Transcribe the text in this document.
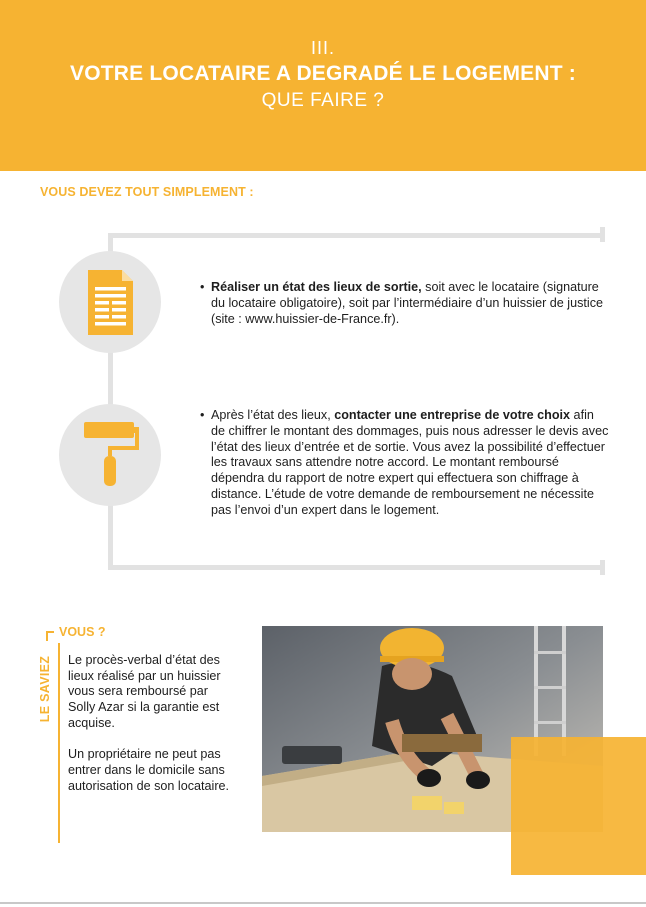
III.
VOTRE LOCATAIRE A DEGRADÉ LE LOGEMENT :
QUE FAIRE ?
VOUS DEVEZ TOUT SIMPLEMENT :
• Réaliser un état des lieux de sortie, soit avec le locataire (signature du locataire obligatoire), soit par l’intermédiaire d’un huissier de justice (site : www.huissier-de-France.fr).
• Après l’état des lieux, contacter une entreprise de votre choix afin de chiffrer le montant des dommages, puis nous adresser le devis avec l’état des lieux d’entrée et de sortie. Vous avez la possibilité d’effectuer les travaux sans attendre notre accord. Le montant remboursé dépendra du rapport de notre expert qui effectuera son chiffrage à distance. L’étude de votre demande de remboursement ne nécessite pas l’envoi d’un expert dans le logement.
LE SAVIEZ
VOUS ?

Le procès-verbal d’état des lieux réalisé par un huissier vous sera remboursé par Solly Azar si la garantie est acquise.

Un propriétaire ne peut pas entrer dans le domicile sans autorisation de son locataire.
